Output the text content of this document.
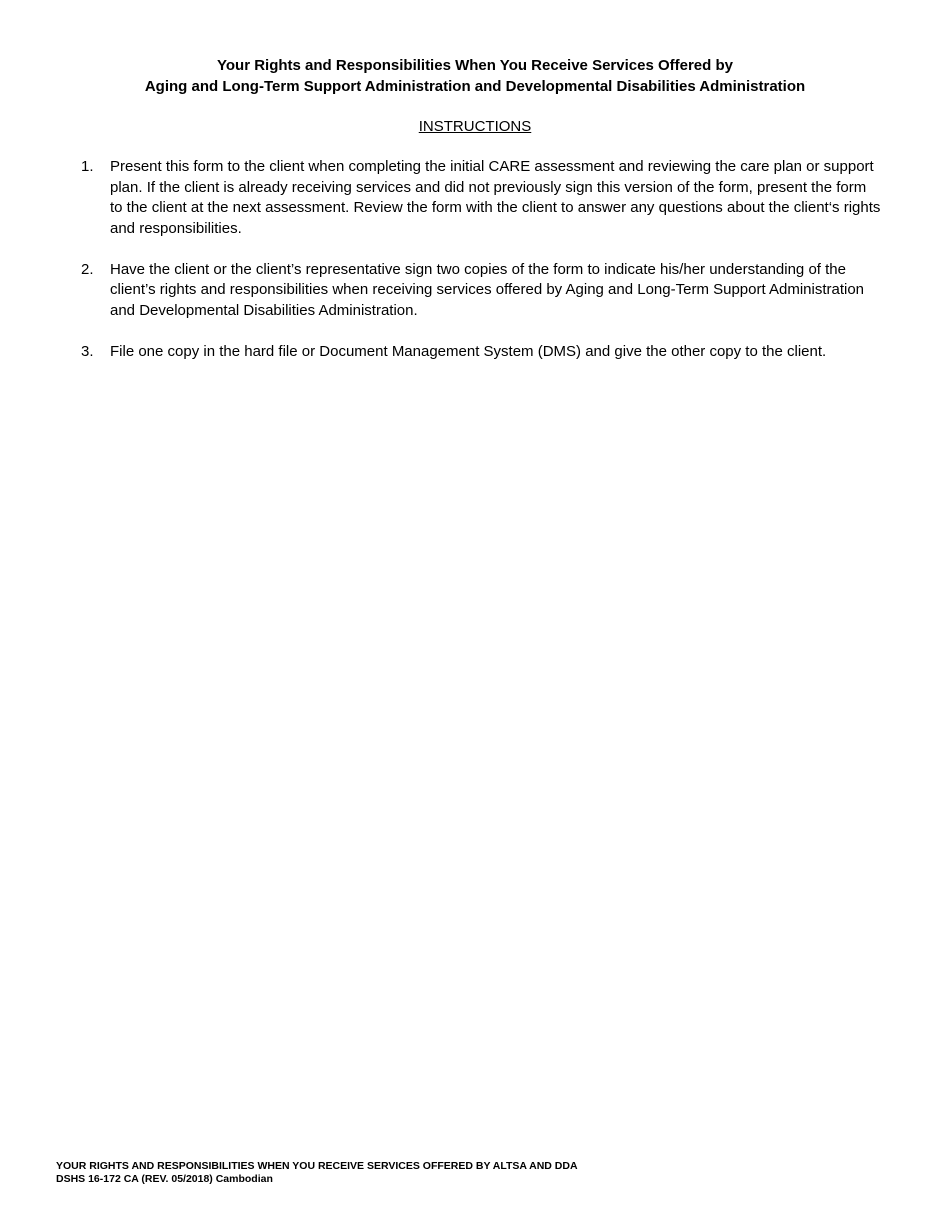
Your Rights and Responsibilities When You Receive Services Offered by
Aging and Long-Term Support Administration and Developmental Disabilities Administration
INSTRUCTIONS
1. Present this form to the client when completing the initial CARE assessment and reviewing the care plan or support plan. If the client is already receiving services and did not previously sign this version of the form, present the form to the client at the next assessment. Review the form with the client to answer any questions about the client‘s rights and responsibilities.
2. Have the client or the client’s representative sign two copies of the form to indicate his/her understanding of the client’s rights and responsibilities when receiving services offered by Aging and Long-Term Support Administration and Developmental Disabilities Administration.
3. File one copy in the hard file or Document Management System (DMS) and give the other copy to the client.
YOUR RIGHTS AND RESPONSIBILITIES WHEN YOU RECEIVE SERVICES OFFERED BY ALTSA AND DDA
DSHS 16-172 CA (REV. 05/2018) Cambodian
